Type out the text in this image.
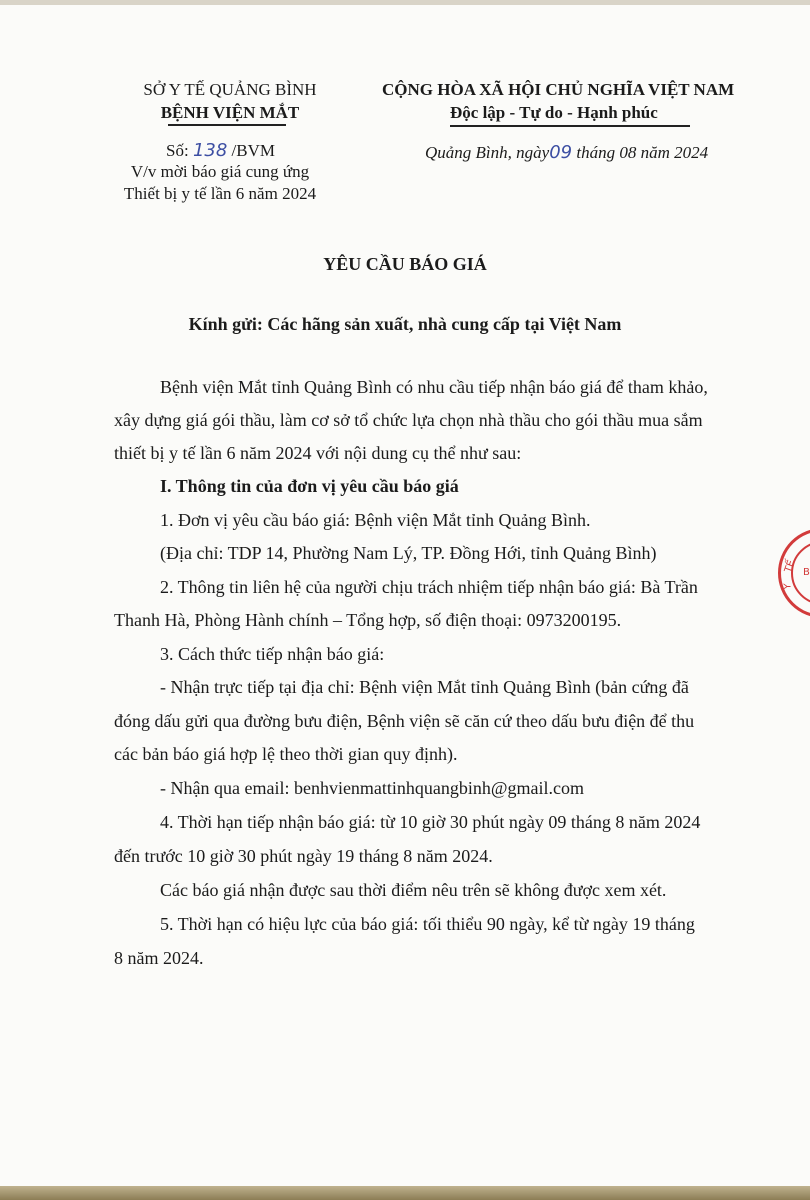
SỞ Y TẾ QUẢNG BÌNH
BỆNH VIỆN MẮT
Số: 138 /BVM
V/v mời báo giá cung ứng
Thiết bị y tế lần 6 năm 2024
CỘNG HÒA XÃ HỘI CHỦ NGHĨA VIỆT NAM
Độc lập - Tự do - Hạnh phúc
Quảng Bình, ngày09 tháng 08 năm 2024
YÊU CẦU BÁO GIÁ
Kính gửi: Các hãng sản xuất, nhà cung cấp tại Việt Nam
Bệnh viện Mắt tỉnh Quảng Bình có nhu cầu tiếp nhận báo giá để tham khảo,
xây dựng giá gói thầu, làm cơ sở tổ chức lựa chọn nhà thầu cho gói thầu mua sắm
thiết bị y tế lần 6 năm 2024 với nội dung cụ thể như sau:
I. Thông tin của đơn vị yêu cầu báo giá
1. Đơn vị yêu cầu báo giá: Bệnh viện Mắt tỉnh Quảng Bình.
(Địa chỉ: TDP 14, Phường Nam Lý, TP. Đồng Hới, tỉnh Quảng Bình)
2. Thông tin liên hệ của người chịu trách nhiệm tiếp nhận báo giá: Bà Trần
Thanh Hà, Phòng Hành chính – Tổng hợp, số điện thoại: 0973200195.
3. Cách thức tiếp nhận báo giá:
- Nhận trực tiếp tại địa chỉ: Bệnh viện Mắt tỉnh Quảng Bình (bản cứng đã
đóng dấu gửi qua đường bưu điện, Bệnh viện sẽ căn cứ theo dấu bưu điện để thu
các bản báo giá hợp lệ theo thời gian quy định).
- Nhận qua email: benhvienmattinhquangbinh@gmail.com
4. Thời hạn tiếp nhận báo giá: từ 10 giờ 30 phút ngày 09 tháng 8 năm 2024
đến trước 10 giờ 30 phút ngày 19 tháng 8 năm 2024.
Các báo giá nhận được sau thời điểm nêu trên sẽ không được xem xét.
5. Thời hạn có hiệu lực của báo giá: tối thiểu 90 ngày, kể từ ngày 19 tháng
8 năm 2024.
B
TẾ
Y
